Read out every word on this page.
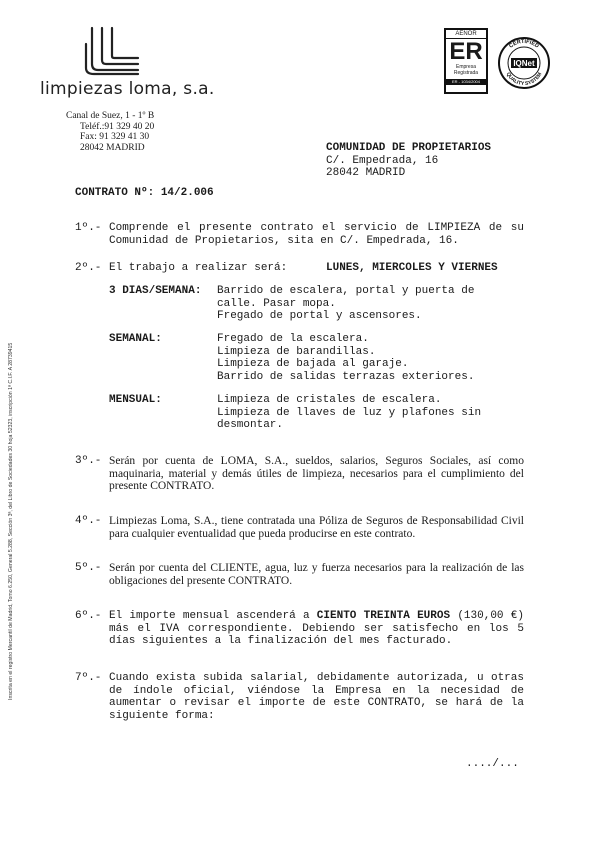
limpiezas loma, s.a.
Canal de Suez, 1 - 1º B
Teléf.:91 329 40 20
Fax: 91 329 41 30
28042 MADRID
AENOR
ER
Empresa
Registrada
ER - 1034/2004
CERTIFIED
QUALITY SYSTEM
IQNet
COMUNIDAD DE PROPIETARIOS
C/. Empedrada, 16
28042 MADRID
CONTRATO Nº: 14/2.006
Inscrita en el registro Mercantil de Madrid, Tomo 6.250, General 5.288, Sección 3ª, del Libro de Sociedades 30 hoja 52323, inscripción 1ª C.I.F. A 28739415
1º.- Comprende el presente contrato el servicio de LIMPIEZA de su Comunidad de Propietarios, sita en C/. Empedrada, 16.
2º.- El trabajo a realizar será:	LUNES, MIERCOLES Y VIERNES
3 DIAS/SEMANA: Barrido de escalera, portal y puerta de
calle. Pasar mopa.
Fregado de portal y ascensores.
SEMANAL:	Fregado de la escalera.
Limpieza de barandillas.
Limpieza de bajada al garaje.
Barrido de salidas terrazas exteriores.
MENSUAL:	Limpieza de cristales de escalera.
Limpieza de llaves de luz y plafones sin
desmontar.
3º.- Serán por cuenta de LOMA, S.A., sueldos, salarios, Seguros Sociales, así como maquinaria, material y demás útiles de limpieza, necesarios para el cumplimiento del presente CONTRATO.
4º.- Limpiezas Loma, S.A., tiene contratada una Póliza de Seguros de Responsabilidad Civil para cualquier eventualidad que pueda producirse en este contrato.
5º.- Serán por cuenta del CLIENTE, agua, luz y fuerza necesarios para la realización de las obligaciones del presente CONTRATO.
6º.- El importe mensual ascenderá a CIENTO TREINTA EUROS (130,00 €) más el IVA correspondiente. Debiendo ser satisfecho en los 5 días siguientes a la finalización del mes facturado.
7º.- Cuando exista subida salarial, debidamente autorizada, u otras de índole oficial, viéndose la Empresa en la necesidad de aumentar o revisar el importe de este CONTRATO, se hará de la siguiente forma:
..../...
